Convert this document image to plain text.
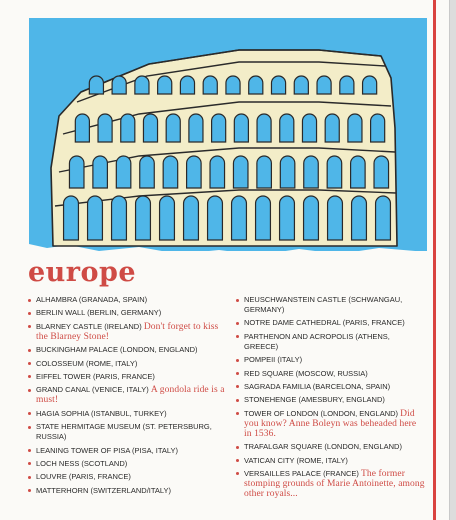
europe
ALHAMBRA (GRANADA, SPAIN)
BERLIN WALL (BERLIN, GERMANY)
BLARNEY CASTLE (IRELAND) Don't forget to kiss the Blarney Stone!
BUCKINGHAM PALACE (LONDON, ENGLAND)
COLOSSEUM (ROME, ITALY)
EIFFEL TOWER (PARIS, FRANCE)
GRAND CANAL (VENICE, ITALY) A gondola ride is a must!
HAGIA SOPHIA (ISTANBUL, TURKEY)
STATE HERMITAGE MUSEUM (ST. PETERSBURG, RUSSIA)
LEANING TOWER OF PISA (PISA, ITALY)
LOCH NESS (SCOTLAND)
LOUVRE (PARIS, FRANCE)
MATTERHORN (SWITZERLAND/ITALY)
NEUSCHWANSTEIN CASTLE (SCHWANGAU, GERMANY)
NOTRE DAME CATHEDRAL (PARIS, FRANCE)
PARTHENON AND ACROPOLIS (ATHENS, GREECE)
POMPEII (ITALY)
RED SQUARE (MOSCOW, RUSSIA)
SAGRADA FAMILIA (BARCELONA, SPAIN)
STONEHENGE (AMESBURY, ENGLAND)
TOWER OF LONDON (LONDON, ENGLAND) Did you know? Anne Boleyn was beheaded here in 1536.
TRAFALGAR SQUARE (LONDON, ENGLAND)
VATICAN CITY (ROME, ITALY)
VERSAILLES PALACE (FRANCE) The former stomping grounds of Marie Antoinette, among other royals...
